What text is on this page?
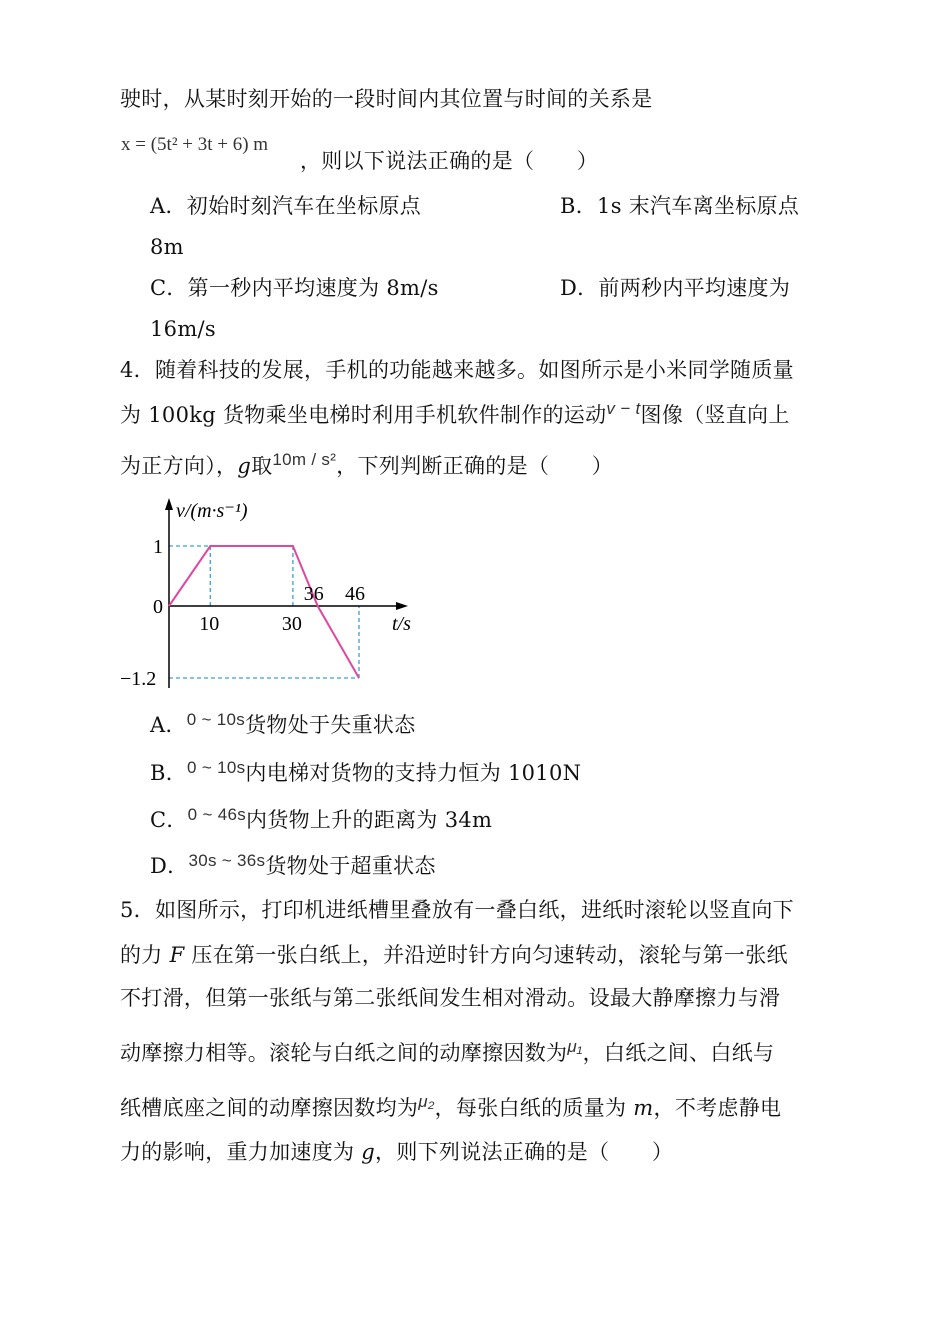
驶时，从某时刻开始的一段时间内其位置与时间的关系是
x = (5t² + 3t + 6) m
，则以下说法正确的是（　　）
A．初始时刻汽车在坐标原点	B．1s 末汽车离坐标原点
8m
C．第一秒内平均速度为 8m/s	D．前两秒内平均速度为
16m/s
4．随着科技的发展，手机的功能越来越多。如图所示是小米同学随质量
为 100kg 货物乘坐电梯时利用手机软件制作的运动$^{v - t}$图像（竖直向上
为正方向），g取$^{10m / s^2}$，下列判断正确的是（　　）
10	30
36 46
1
0
−1.2
v/(m·s⁻¹)
t/s
A．$^{0 \sim 10s}$货物处于失重状态
B．$^{0 \sim 10s}$内电梯对货物的支持力恒为 1010N
C．$^{0 \sim 46s}$内货物上升的距离为 34m
D．$^{30s \sim 36s}$货物处于超重状态
5．如图所示，打印机进纸槽里叠放有一叠白纸，进纸时滚轮以竖直向下
的力 F 压在第一张白纸上，并沿逆时针方向匀速转动，滚轮与第一张纸
不打滑，但第一张纸与第二张纸间发生相对滑动。设最大静摩擦力与滑
动摩擦力相等。滚轮与白纸之间的动摩擦因数为$^{\mu_1}$，白纸之间、白纸与
纸槽底座之间的动摩擦因数均为$^{\mu_2}$，每张白纸的质量为 m，不考虑静电
力的影响，重力加速度为 g，则下列说法正确的是（　　）
